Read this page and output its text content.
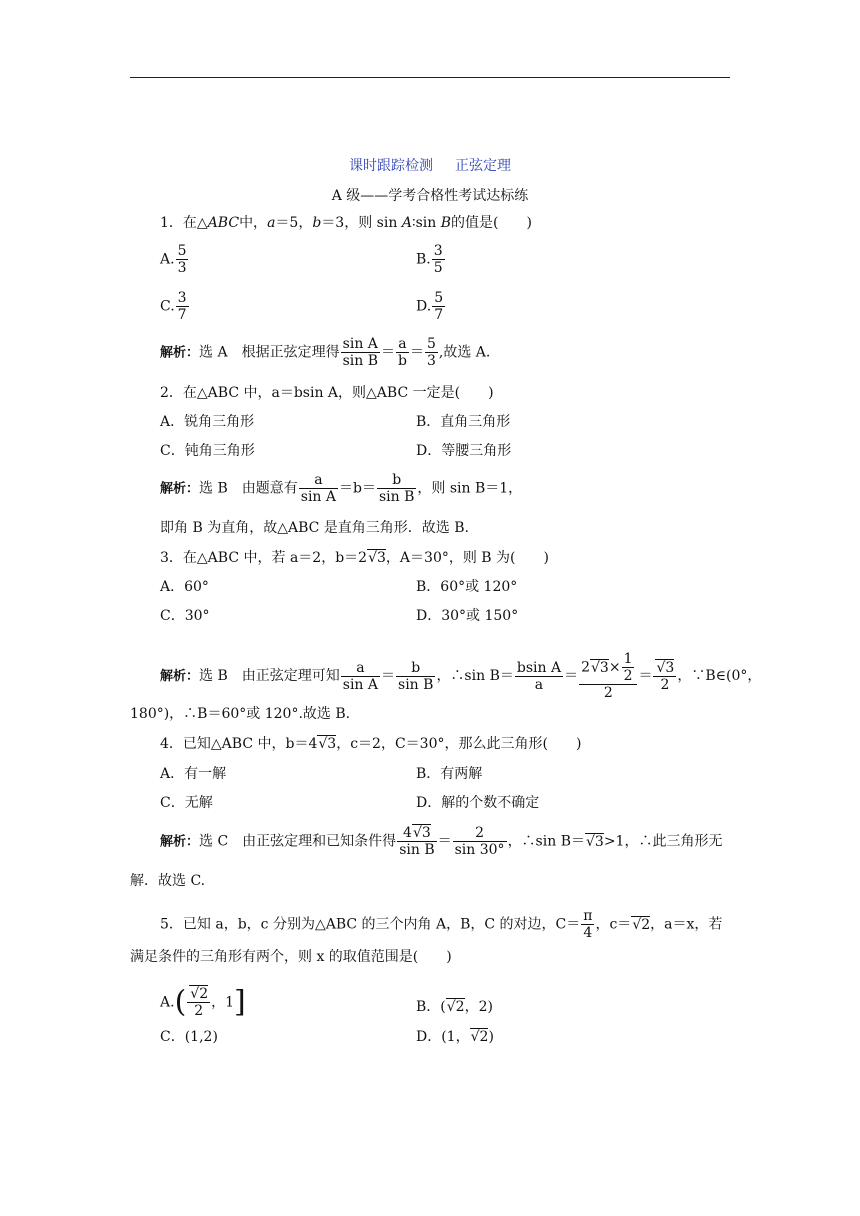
课时跟踪检测 正弦定理
A 级——学考合格性考试达标练
1．在△ABC中，a＝5，b＝3，则 sin A∶sin B的值是(　　)
A. $\frac{5}{3}$	B. $\frac{3}{5}$
C. $\frac{3}{7}$	D. $\frac{5}{7}$
解析：选 A　根据正弦定理得 $\frac{\text{sin A}}{\text{sin B}} = \frac{a}{b} = \frac{5}{3}$ ,故选 A.
2．在△ABC 中，a＝bsin A，则△ABC 一定是(　　)
A．锐角三角形	B．直角三角形
C．钝角三角形	D．等腰三角形
解析：选 B　由题意有 $\frac{a}{\text{sin A}} =b= \frac{b}{\text{sin B}}$ ，则 sin B＝1，
即角 B 为直角，故△ABC 是直角三角形．故选 B.
3．在△ABC 中，若 a＝2，b＝2 √ 3，A＝30°，则 B 为(　　)
A．60°	B．60°或 120°
C．30°	D．30°或 150°
解析：选 B　由正弦定理可知 $\frac{a}{\text{sin A}} = \frac{b}{\text{sin B}}$ ，∴sin $B= \frac{\text{bsin A}}{a} = \frac{2 √ 3\times \frac{1}{2}}{2}$ ＝ √ $\frac{3}{2}$ ，∵B∈(0°，
180°)，∴B＝60°或 120°.故选 B.
4．已知△ABC 中，b＝4 √ 3，c＝2，C＝30°，那么此三角形(　　)
A．有一解	B．有两解
C．无解	D．解的个数不确定
解析：选 C　由正弦定理和已知条件得 $\frac{4 √ 3}{\text{sin B}} = \frac{2}{\sin 30^\circ}$ ，∴sin B＝ √ 3>1，∴此三角形无
解．故选 C.
5．已知 a，b，c 分别为△ABC 的三个内角 A，B，C 的对边，$C= \frac{\pi}{4}$ ，c＝ √ 2，a＝x，若
满足条件的三角形有两个，则 x 的取值范围是(　　)
A.( √ $\frac{2}{2}$ ，1]	B．( √ 2，2)
C．(1,2)	D．(1， √ 2)
